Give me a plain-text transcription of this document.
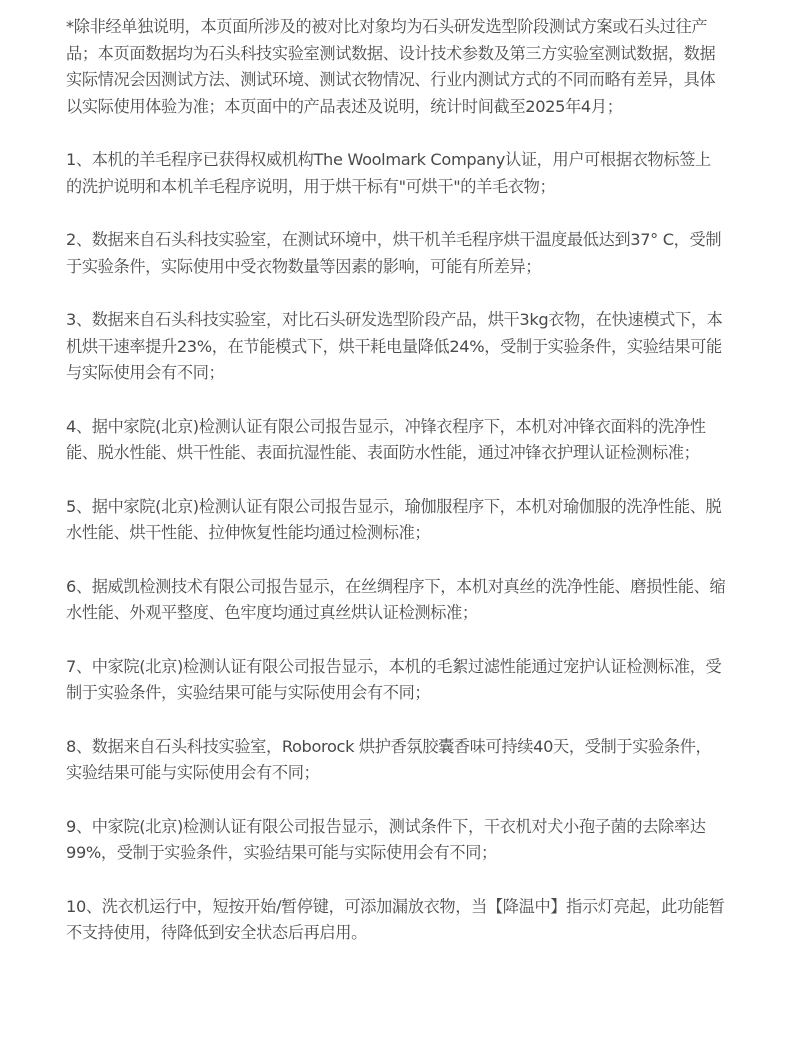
*除非经单独说明，本页面所涉及的被对比对象均为石头研发选型阶段测试方案或石头过往产品；本页面数据均为石头科技实验室测试数据、设计技术参数及第三方实验室测试数据，数据实际情况会因测试方法、测试环境、测试衣物情况、行业内测试方式的不同而略有差异，具体以实际使用体验为准；本页面中的产品表述及说明，统计时间截至2025年4月；

1、本机的羊毛程序已获得权威机构The Woolmark Company认证，用户可根据衣物标签上的洗护说明和本机羊毛程序说明，用于烘干标有"可烘干"的羊毛衣物；

2、数据来自石头科技实验室，在测试环境中，烘干机羊毛程序烘干温度最低达到37° C，受制于实验条件，实际使用中受衣物数量等因素的影响，可能有所差异；

3、数据来自石头科技实验室，对比石头研发选型阶段产品，烘干3kg衣物，在快速模式下，本机烘干速率提升23%，在节能模式下，烘干耗电量降低24%，受制于实验条件，实验结果可能与实际使用会有不同；

4、据中家院(北京)检测认证有限公司报告显示，冲锋衣程序下，本机对冲锋衣面料的洗净性能、脱水性能、烘干性能、表面抗湿性能、表面防水性能，通过冲锋衣护理认证检测标准；

5、据中家院(北京)检测认证有限公司报告显示，瑜伽服程序下，本机对瑜伽服的洗净性能、脱水性能、烘干性能、拉伸恢复性能均通过检测标准；

6、据威凯检测技术有限公司报告显示，在丝绸程序下，本机对真丝的洗净性能、磨损性能、缩水性能、外观平整度、色牢度均通过真丝烘认证检测标准；

7、中家院(北京)检测认证有限公司报告显示，本机的毛絮过滤性能通过宠护认证检测标准，受制于实验条件，实验结果可能与实际使用会有不同；

8、数据来自石头科技实验室，Roborock 烘护香氛胶囊香味可持续40天，受制于实验条件，实验结果可能与实际使用会有不同；

9、中家院(北京)检测认证有限公司报告显示，测试条件下，干衣机对犬小孢子菌的去除率达99%，受制于实验条件，实验结果可能与实际使用会有不同；

10、洗衣机运行中，短按开始/暂停键，可添加漏放衣物，当【降温中】指示灯亮起，此功能暂不支持使用，待降低到安全状态后再启用。
